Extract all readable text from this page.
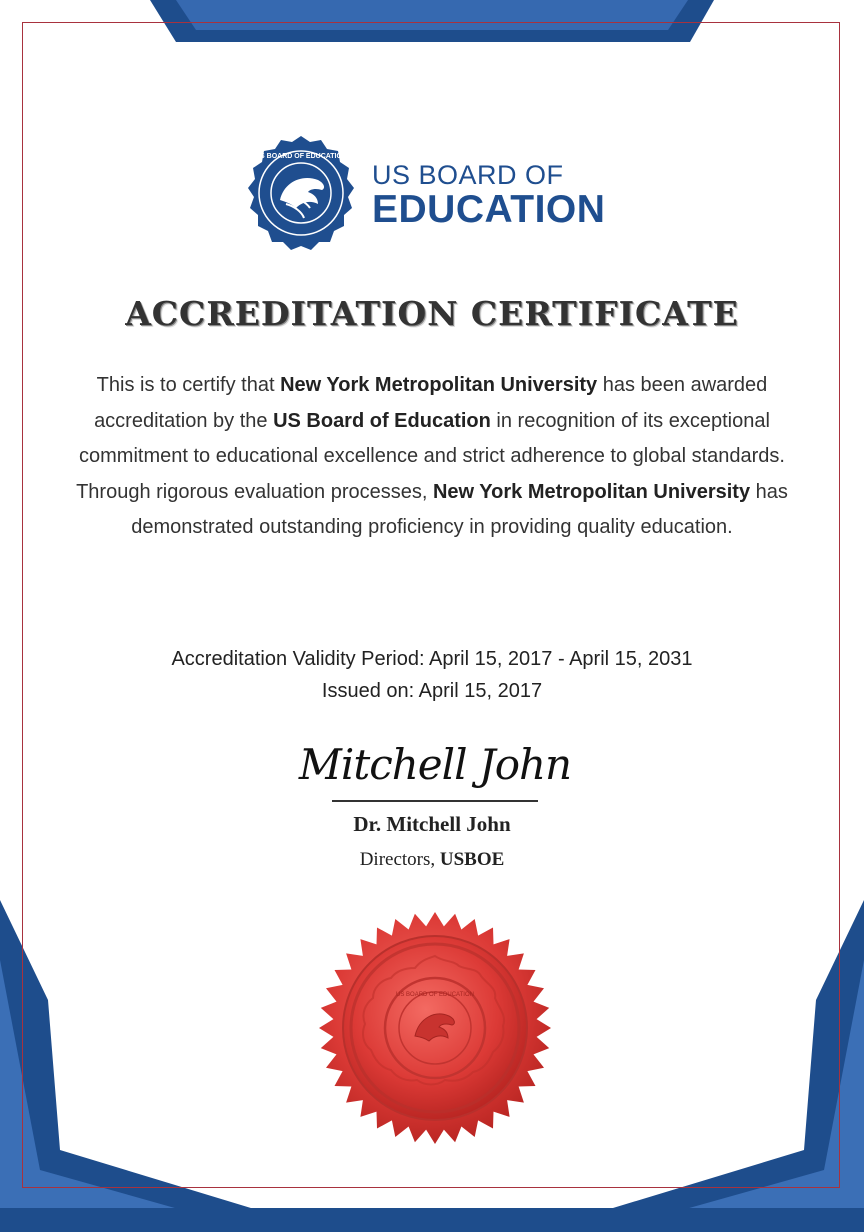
US BOARD OF EDUCATION
US BOARD OF
EDUCATION
ACCREDITATION CERTIFICATE
This is to certify that New York Metropolitan University has been awarded accreditation by the US Board of Education in recognition of its exceptional commitment to educational excellence and strict adherence to global standards. Through rigorous evaluation processes, New York Metropolitan University has demonstrated outstanding proficiency in providing quality education.
Accreditation Validity Period: April 15, 2017 - April 15, 2031
Issued on: April 15, 2017
Mitchell John
Dr. Mitchell John
Directors, USBOE
US BOARD OF EDUCATION
